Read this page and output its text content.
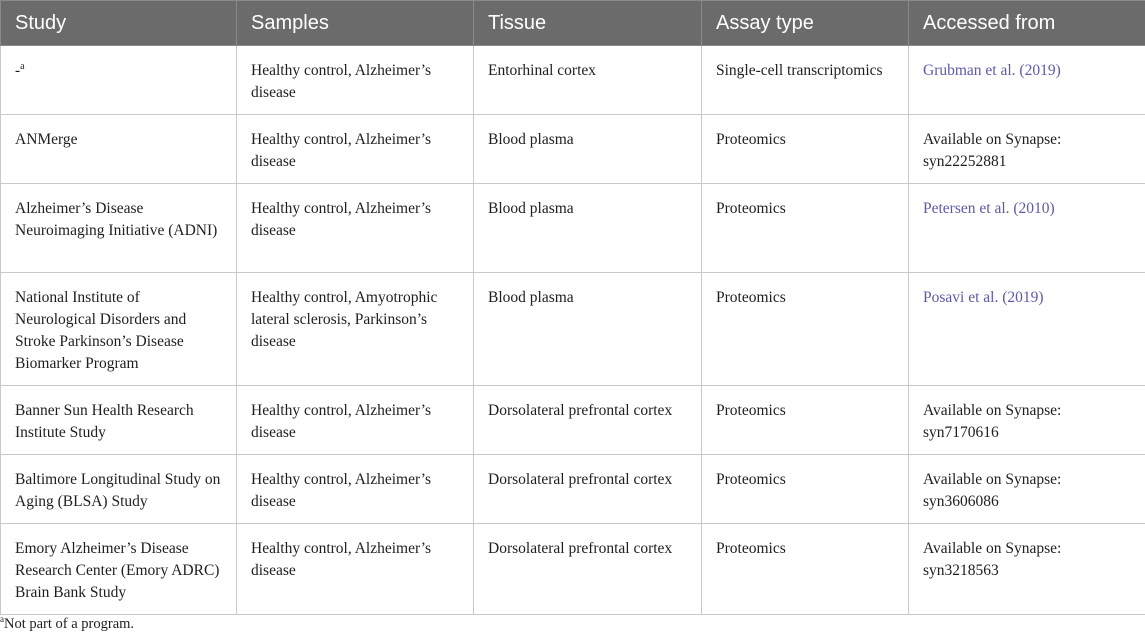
Study	Samples	Tissue	Assay type	Accessed from
-$^a$	Healthy control, Alzheimer’s disease	Entorhinal cortex	Single-cell transcriptomics	Grubman et al. (2019)
ANMerge	Healthy control, Alzheimer’s disease	Blood plasma	Proteomics	Available on Synapse: syn22252881
Alzheimer’s Disease Neuroimaging Initiative (ADNI)	Healthy control, Alzheimer’s disease	Blood plasma	Proteomics	Petersen et al. (2010)
National Institute of Neurological Disorders and Stroke Parkinson’s Disease Biomarker Program	Healthy control, Amyotrophic lateral sclerosis, Parkinson’s disease	Blood plasma	Proteomics	Posavi et al. (2019)
Banner Sun Health Research Institute Study	Healthy control, Alzheimer’s disease	Dorsolateral prefrontal cortex	Proteomics	Available on Synapse: syn7170616
Baltimore Longitudinal Study on Aging (BLSA) Study	Healthy control, Alzheimer’s disease	Dorsolateral prefrontal cortex	Proteomics	Available on Synapse: syn3606086
Emory Alzheimer’s Disease Research Center (Emory ADRC) Brain Bank Study	Healthy control, Alzheimer’s disease	Dorsolateral prefrontal cortex	Proteomics	Available on Synapse: syn3218563
$^a$Not part of a program.
